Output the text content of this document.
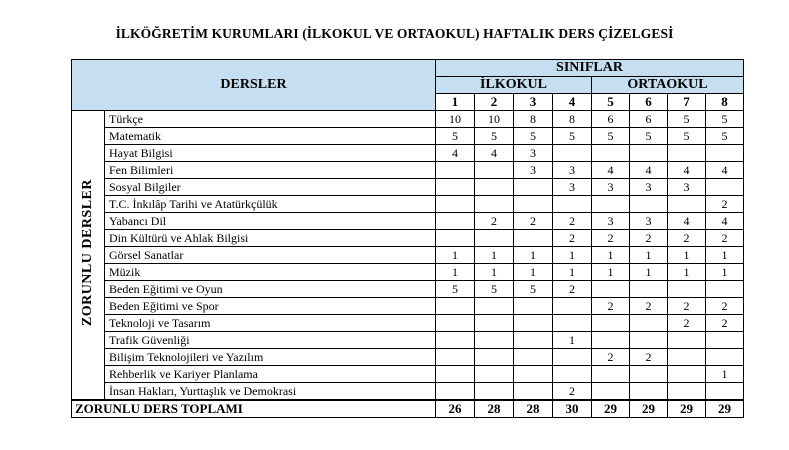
İLKÖĞRETİM KURUMLARI (İLKOKUL VE ORTAOKUL) HAFTALIK DERS ÇİZELGESİ
DERSLER		SINIFLAR							
		İLKOKUL				ORTAOKUL			
		1	2	3	4	5	6	7	8
ZORUNLU DERSLER	Türkçe	10	10	8	8	6	6	5	5
	Matematik	5	5	5	5	5	5	5	5
	Hayat Bilgisi	4	4	3					
	Fen Bilimleri			3	3	4	4	4	4
	Sosyal Bilgiler				3	3	3	3	
	T.C. İnkılâp Tarihi ve Atatürkçülük								2
	Yabancı Dil		2	2	2	3	3	4	4
	Din Kültürü ve Ahlak Bilgisi				2	2	2	2	2
	Görsel Sanatlar	1	1	1	1	1	1	1	1
	Müzik	1	1	1	1	1	1	1	1
	Beden Eğitimi ve Oyun	5	5	5	2				
	Beden Eğitimi ve Spor					2	2	2	2
	Teknoloji ve Tasarım							2	2
	Trafik Güvenliği				1				
	Bilişim Teknolojileri ve Yazılım					2	2		
	Rehberlik ve Kariyer Planlama								1
	İnsan Hakları, Yurttaşlık ve Demokrasi				2				
ZORUNLU DERS TOPLAMI		26	28	28	30	29	29	29	29
